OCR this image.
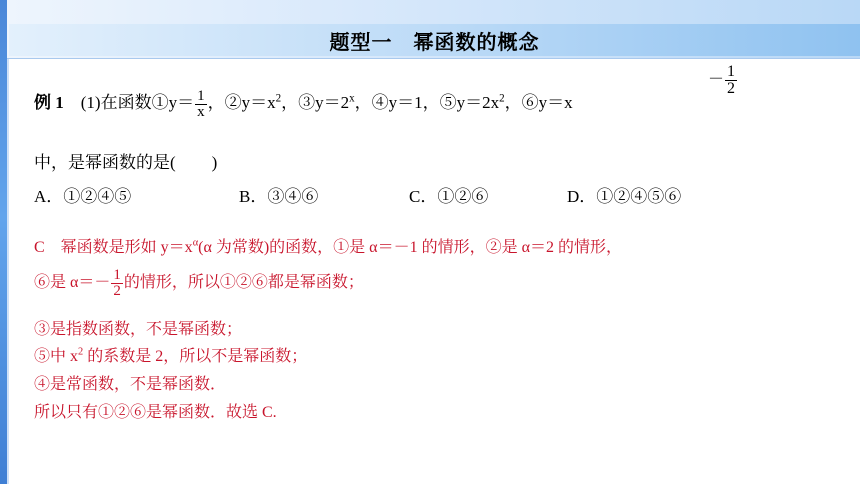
题型一　幂函数的概念
例 1 (1)在函数①y＝ $\frac{1}{x}$ ，$②y=x^2$，$③y=2^x$，④y＝1，$⑤y=2x^2$，⑥y＝x
－ $\frac{1}{2}$
中，是幂函数的是( )
A．①②④⑤	B．③④⑥	C．①②⑥	D．①②④⑤⑥
C　幂函数是形如 $y=x^\alpha(\alpha$ 为常数)的函数，①是 α＝－1 的情形，②是 α＝2 的情形，
⑥是 $\alpha=- \frac{1}{2}$ 的情形，所以①②⑥都是幂函数；
③是指数函数，不是幂函数；
⑤中 $x^2$ 的系数是 2，所以不是幂函数；
④是常函数，不是幂函数．
所以只有①②⑥是幂函数．故选 C.
